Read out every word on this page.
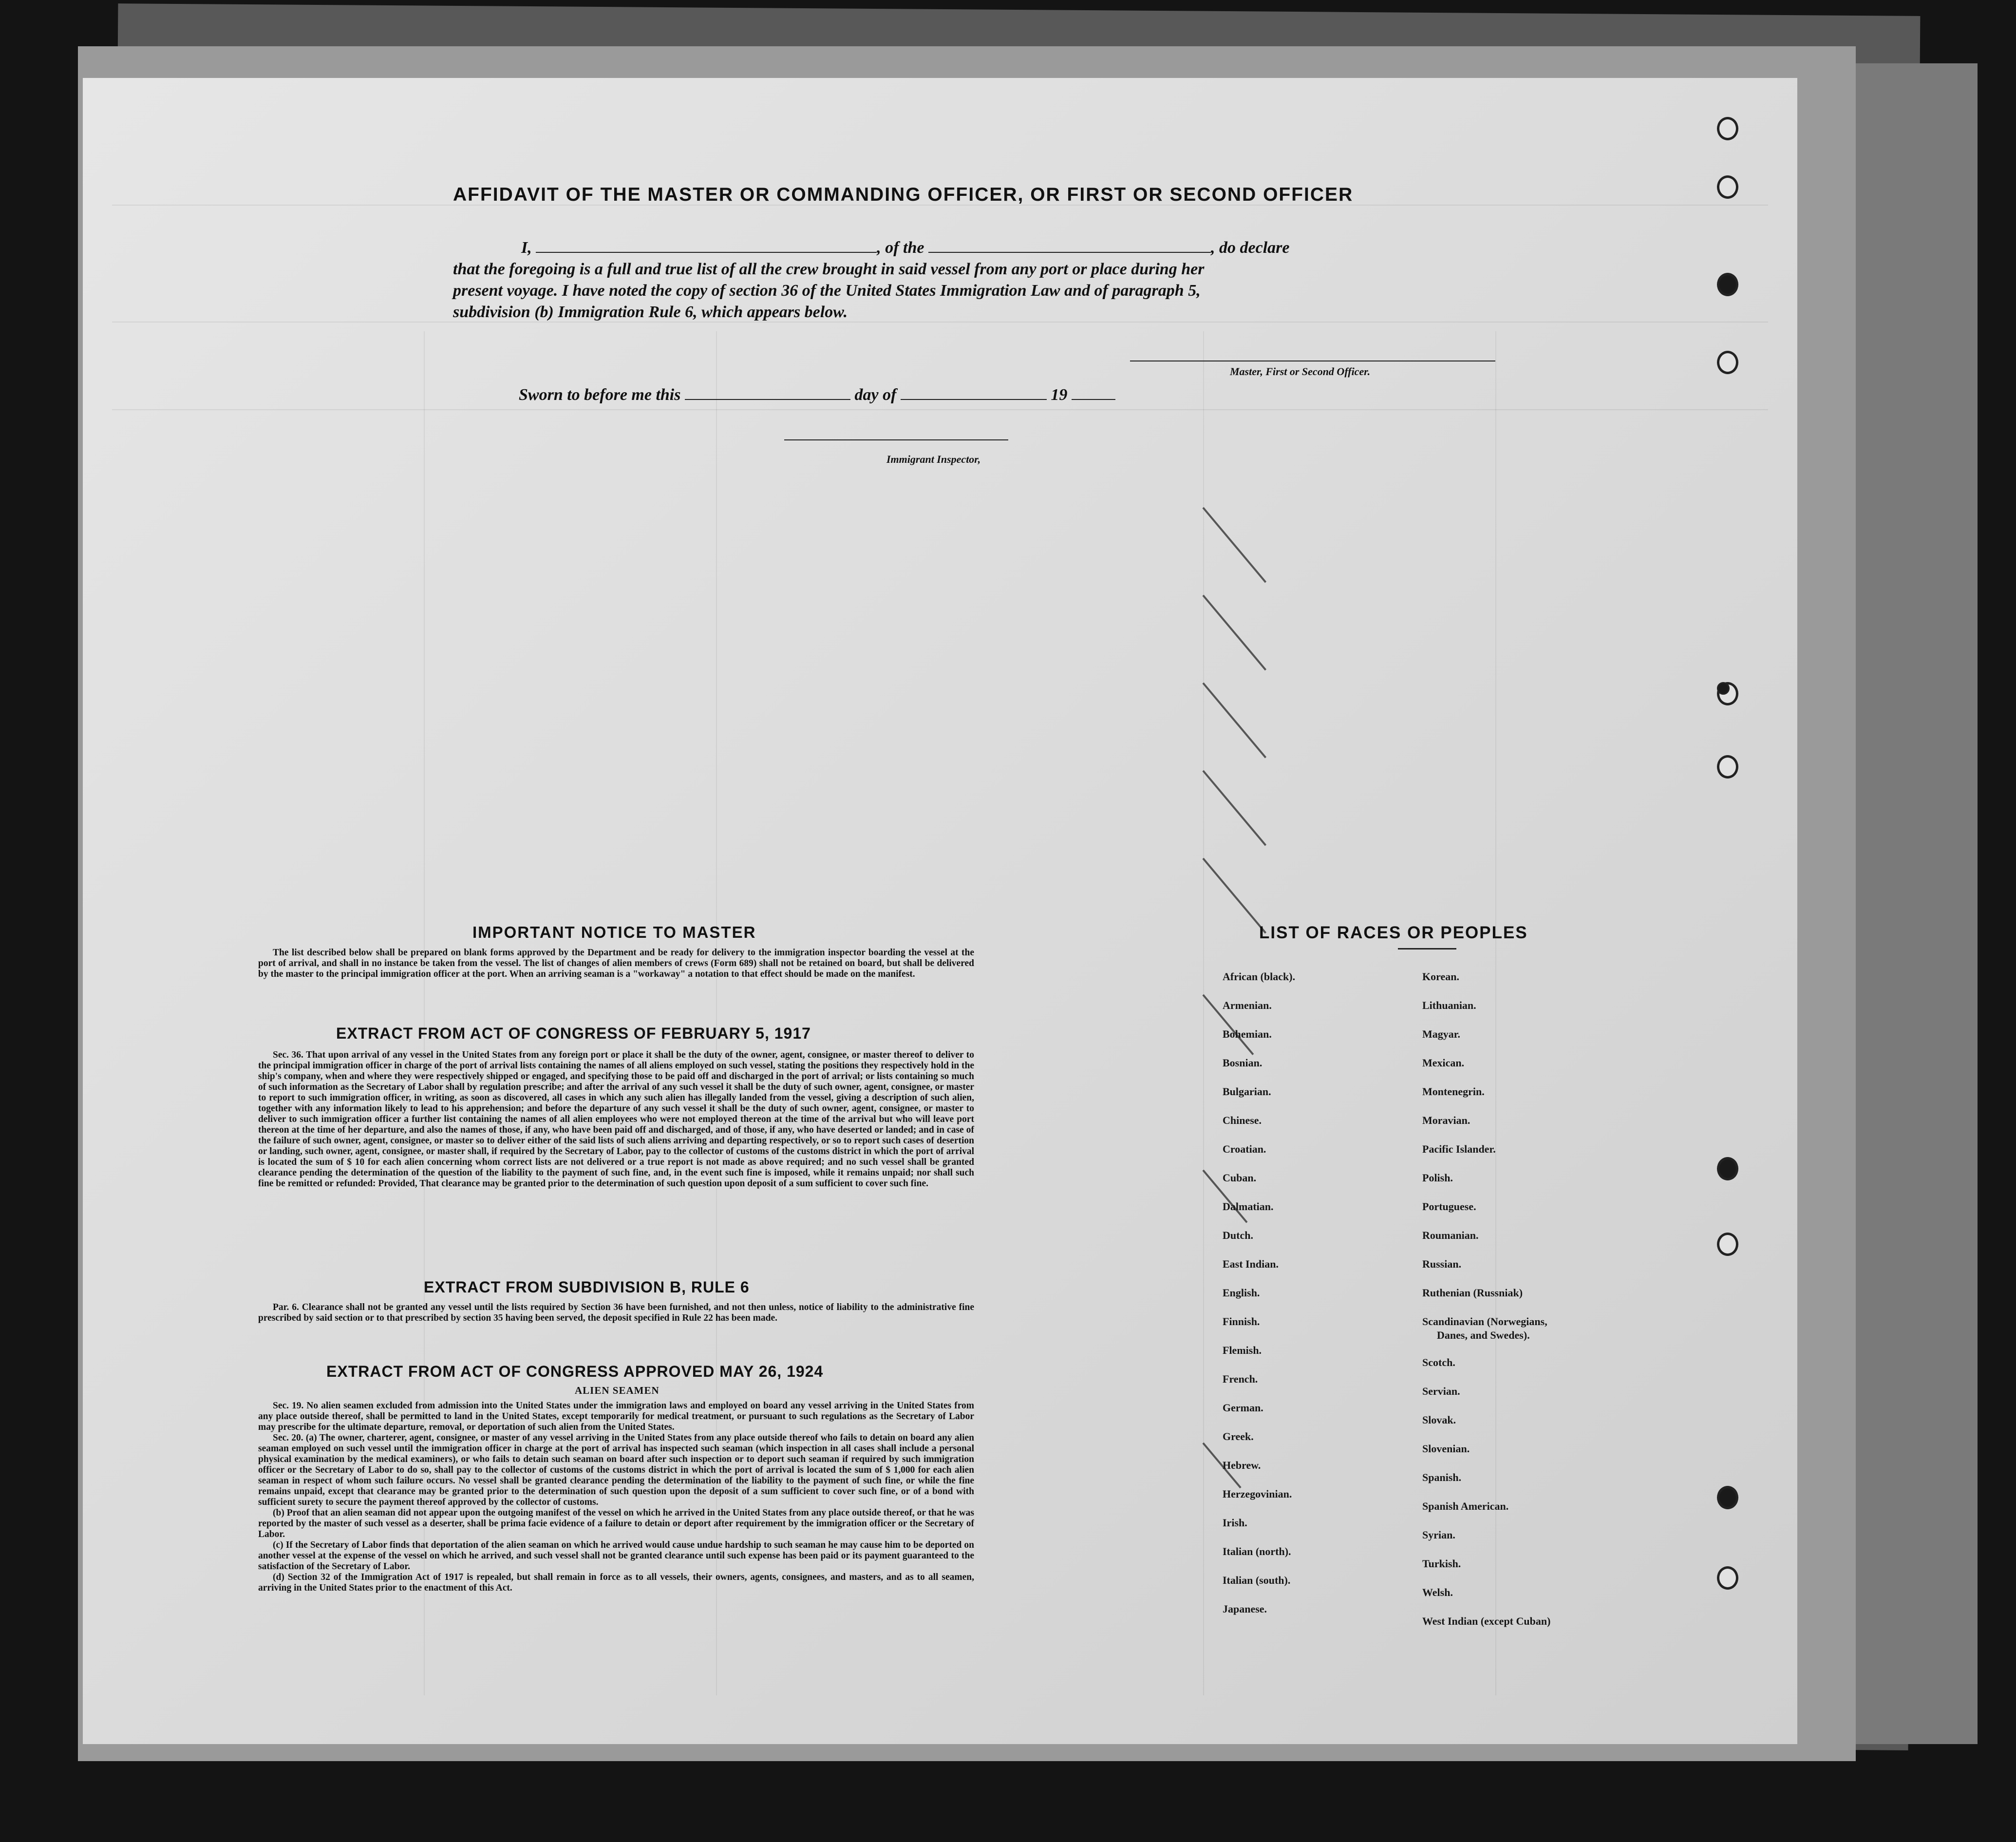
AFFIDAVIT OF THE MASTER OR COMMANDING OFFICER, OR FIRST OR SECOND OFFICER
I,	, of the	, do declare
that the foregoing is a full and true list of all the crew brought in said vessel from any port or place during her
present voyage. I have noted the copy of section 36 of the United States Immigration Law and of paragraph 5,
subdivision (b) Immigration Rule 6, which appears below.
Master, First or Second Officer.
Sworn to before me this	day of	19
Immigrant Inspector,
IMPORTANT NOTICE TO MASTER

The list described below shall be prepared on blank forms approved by the Department and be ready for delivery to the immigration inspector boarding the vessel at the port of arrival, and shall in no instance be taken from the vessel. The list of changes of alien members of crews (Form 689) shall not be retained on board, but shall be delivered by the master to the principal immigration officer at the port. When an arriving seaman is a "workaway" a notation to that effect should be made on the manifest.

EXTRACT FROM ACT OF CONGRESS OF FEBRUARY 5, 1917

Sec. 36. That upon arrival of any vessel in the United States from any foreign port or place it shall be the duty of the owner, agent, consignee, or master thereof to deliver to the principal immigration officer in charge of the port of arrival lists containing the names of all aliens employed on such vessel, stating the positions they respectively hold in the ship's company, when and where they were respectively shipped or engaged, and specifying those to be paid off and discharged in the port of arrival; or lists containing so much of such information as the Secretary of Labor shall by regulation prescribe; and after the arrival of any such vessel it shall be the duty of such owner, agent, consignee, or master to report to such immigration officer, in writing, as soon as discovered, all cases in which any such alien has illegally landed from the vessel, giving a description of such alien, together with any information likely to lead to his apprehension; and before the departure of any such vessel it shall be the duty of such owner, agent, consignee, or master to deliver to such immigration officer a further list containing the names of all alien employees who were not employed thereon at the time of the arrival but who will leave port thereon at the time of her departure, and also the names of those, if any, who have been paid off and discharged, and of those, if any, who have deserted or landed; and in case of the failure of such owner, agent, consignee, or master so to deliver either of the said lists of such aliens arriving and departing respectively, or so to report such cases of desertion or landing, such owner, agent, consignee, or master shall, if required by the Secretary of Labor, pay to the collector of customs of the customs district in which the port of arrival is located the sum of $ 10 for each alien concerning whom correct lists are not delivered or a true report is not made as above required; and no such vessel shall be granted clearance pending the determination of the question of the liability to the payment of such fine, and, in the event such fine is imposed, while it remains unpaid; nor shall such fine be remitted or refunded: Provided, That clearance may be granted prior to the determination of such question upon deposit of a sum sufficient to cover such fine.

EXTRACT FROM SUBDIVISION B, RULE 6

Par. 6. Clearance shall not be granted any vessel until the lists required by Section 36 have been furnished, and not then unless, notice of liability to the administrative fine prescribed by said section or to that prescribed by section 35 having been served, the deposit specified in Rule 22 has been made.

EXTRACT FROM ACT OF CONGRESS APPROVED MAY 26, 1924
ALIEN SEAMEN

Sec. 19. No alien seamen excluded from admission into the United States under the immigration laws and employed on board any vessel arriving in the United States from any place outside thereof, shall be permitted to land in the United States, except temporarily for medical treatment, or pursuant to such regulations as the Secretary of Labor may prescribe for the ultimate departure, removal, or deportation of such alien from the United States.

Sec. 20. (a) The owner, charterer, agent, consignee, or master of any vessel arriving in the United States from any place outside thereof who fails to detain on board any alien seaman employed on such vessel until the immigration officer in charge at the port of arrival has inspected such seaman (which inspection in all cases shall include a personal physical examination by the medical examiners), or who fails to detain such seaman on board after such inspection or to deport such seaman if required by such immigration officer or the Secretary of Labor to do so, shall pay to the collector of customs of the customs district in which the port of arrival is located the sum of $ 1,000 for each alien seaman in respect of whom such failure occurs. No vessel shall be granted clearance pending the determination of the liability to the payment of such fine, or while the fine remains unpaid, except that clearance may be granted prior to the determination of such question upon the deposit of a sum sufficient to cover such fine, or of a bond with sufficient surety to secure the payment thereof approved by the collector of customs.

(b) Proof that an alien seaman did not appear upon the outgoing manifest of the vessel on which he arrived in the United States from any place outside thereof, or that he was reported by the master of such vessel as a deserter, shall be prima facie evidence of a failure to detain or deport after requirement by the immigration officer or the Secretary of Labor.

(c) If the Secretary of Labor finds that deportation of the alien seaman on which he arrived would cause undue hardship to such seaman he may cause him to be deported on another vessel at the expense of the vessel on which he arrived, and such vessel shall not be granted clearance until such expense has been paid or its payment guaranteed to the satisfaction of the Secretary of Labor.

(d) Section 32 of the Immigration Act of 1917 is repealed, but shall remain in force as to all vessels, their owners, agents, consignees, and masters, and as to all seamen, arriving in the United States prior to the enactment of this Act.

LIST OF RACES OR PEOPLES
African (black).
Armenian.
Bohemian.
Bosnian.
Bulgarian.
Chinese.
Croatian.
Cuban.
Dalmatian.
Dutch.
East Indian.
English.
Finnish.
Flemish.
French.
German.
Greek.
Hebrew.
Herzegovinian.
Irish.
Italian (north).
Italian (south).
Japanese.
Korean.
Lithuanian.
Magyar.
Mexican.
Montenegrin.
Moravian.
Pacific Islander.
Polish.
Portuguese.
Roumanian.
Russian.
Ruthenian (Russniak)
Scandinavian (Norwegians,
Danes, and Swedes).
Scotch.
Servian.
Slovak.
Slovenian.
Spanish.
Spanish American.
Syrian.
Turkish.
Welsh.
West Indian (except Cuban)
